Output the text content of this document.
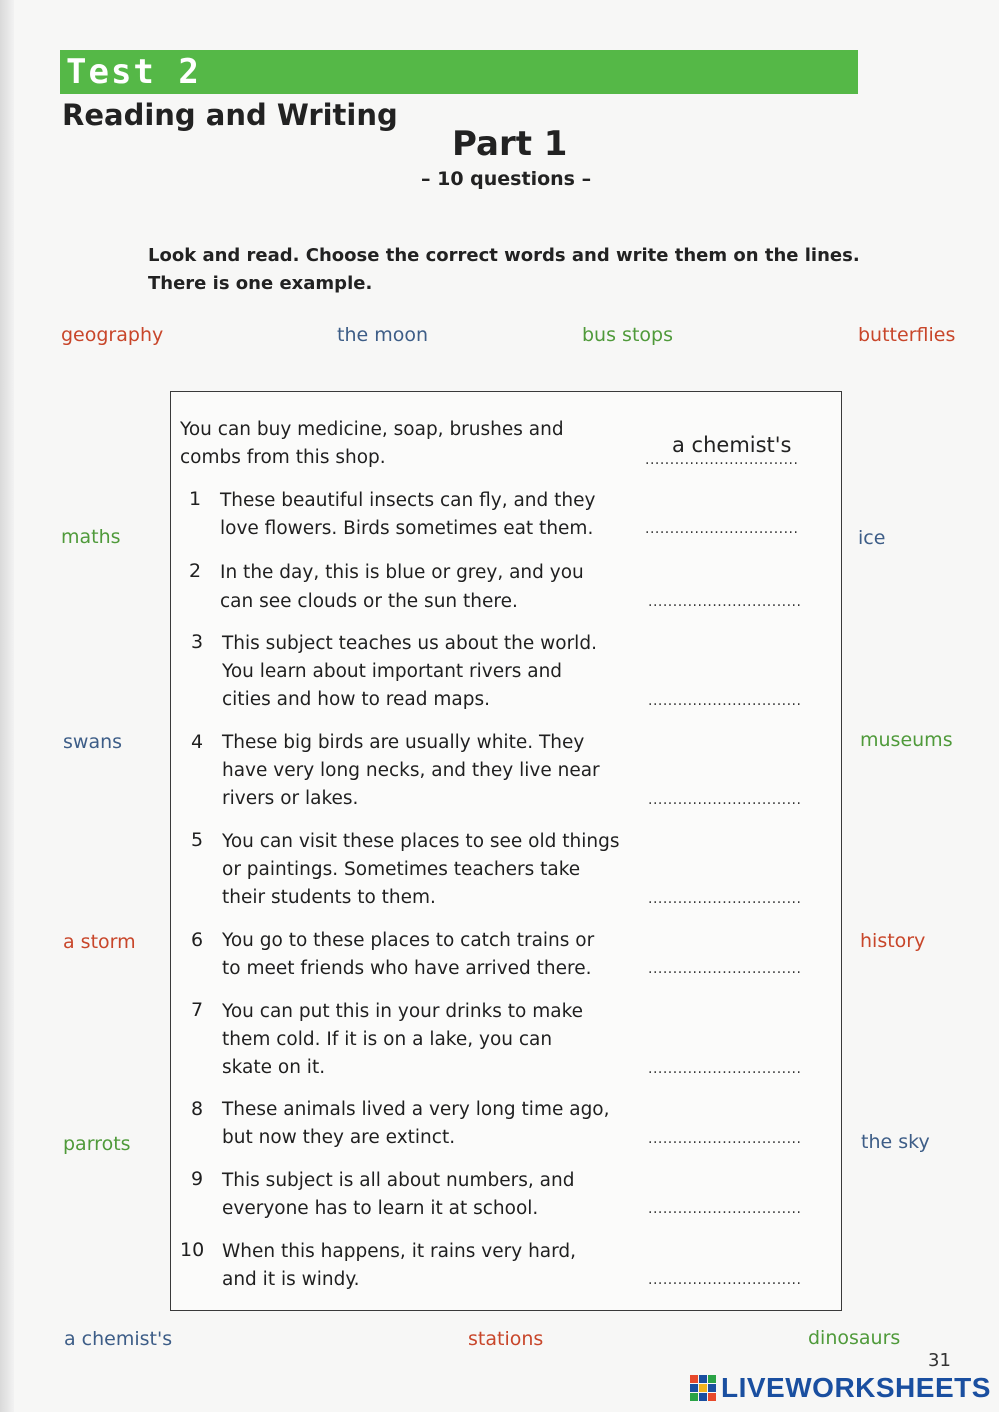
Test 2
Reading and Writing
Part 1
– 10 questions –
Look and read. Choose the correct words and write them on the lines. There is one example.
geography	the moon	bus stops	butterflies
maths	ice
swans	museums
a storm	history
parrots	the sky
a chemist's	stations	dinosaurs
You can buy medicine, soap, brushes and
combs from this shop.
a chemist's
...............................
1 These beautiful insects can fly, and they
love flowers. Birds sometimes eat them.	...............................
2 In the day, this is blue or grey, and you
can see clouds or the sun there.	...............................
3 This subject teaches us about the world.
You learn about important rivers and
cities and how to read maps.	...............................
4 These big birds are usually white. They
have very long necks, and they live near
rivers or lakes.	...............................
5 You can visit these places to see old things
or paintings. Sometimes teachers take
their students to them.	...............................
6 You go to these places to catch trains or
to meet friends who have arrived there.	...............................
7 You can put this in your drinks to make
them cold. If it is on a lake, you can
skate on it.	...............................
8 These animals lived a very long time ago,
but now they are extinct.	...............................
9 This subject is all about numbers, and
everyone has to learn it at school.	...............................
10 When this happens, it rains very hard,
and it is windy.	...............................
31
LIVEWORKSHEETS
